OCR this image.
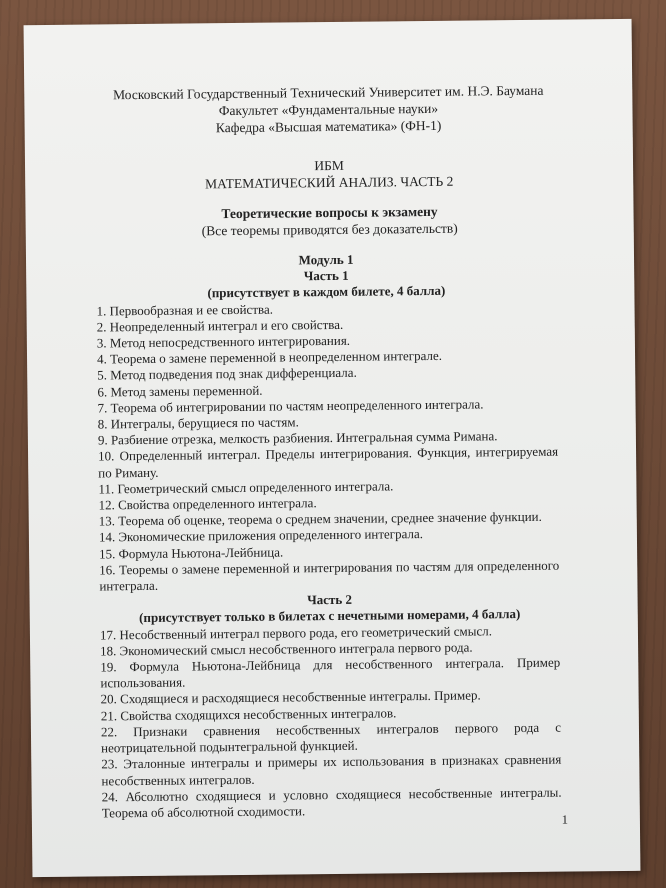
Московский Государственный Технический Университет им. Н.Э. Баумана
Факультет «Фундаментальные науки»
Кафедра «Высшая математика» (ФН-1)
ИБМ
МАТЕМАТИЧЕСКИЙ АНАЛИЗ. ЧАСТЬ 2
Теоретические вопросы к экзамену
(Все теоремы приводятся без доказательств)
Модуль 1
Часть 1
(присутствует в каждом билете, 4 балла)
1. Первообразная и ее свойства.
2. Неопределенный интеграл и его свойства.
3. Метод непосредственного интегрирования.
4. Теорема о замене переменной в неопределенном интеграле.
5. Метод подведения под знак дифференциала.
6. Метод замены переменной.
7. Теорема об интегрировании по частям неопределенного интеграла.
8. Интегралы, берущиеся по частям.
9. Разбиение отрезка, мелкость разбиения. Интегральная сумма Римана.
10. Определенный интеграл. Пределы интегрирования. Функция, интегрируемая по Риману.
11. Геометрический смысл определенного интеграла.
12. Свойства определенного интеграла.
13. Теорема об оценке, теорема о среднем значении, среднее значение функции.
14. Экономические приложения определенного интеграла.
15. Формула Ньютона-Лейбница.
16. Теоремы о замене переменной и интегрирования по частям для определенного интеграла.
Часть 2
(присутствует только в билетах с нечетными номерами, 4 балла)
17. Несобственный интеграл первого рода, его геометрический смысл.
18. Экономический смысл несобственного интеграла первого рода.
19. Формула Ньютона-Лейбница для несобственного интеграла. Пример использования.
20. Сходящиеся и расходящиеся несобственные интегралы. Пример.
21. Свойства сходящихся несобственных интегралов.
22. Признаки сравнения несобственных интегралов первого рода с неотрицательной подынтегральной функцией.
23. Эталонные интегралы и примеры их использования в признаках сравнения несобственных интегралов.
24. Абсолютно сходящиеся и условно сходящиеся несобственные интегралы. Теорема об абсолютной сходимости.	1
